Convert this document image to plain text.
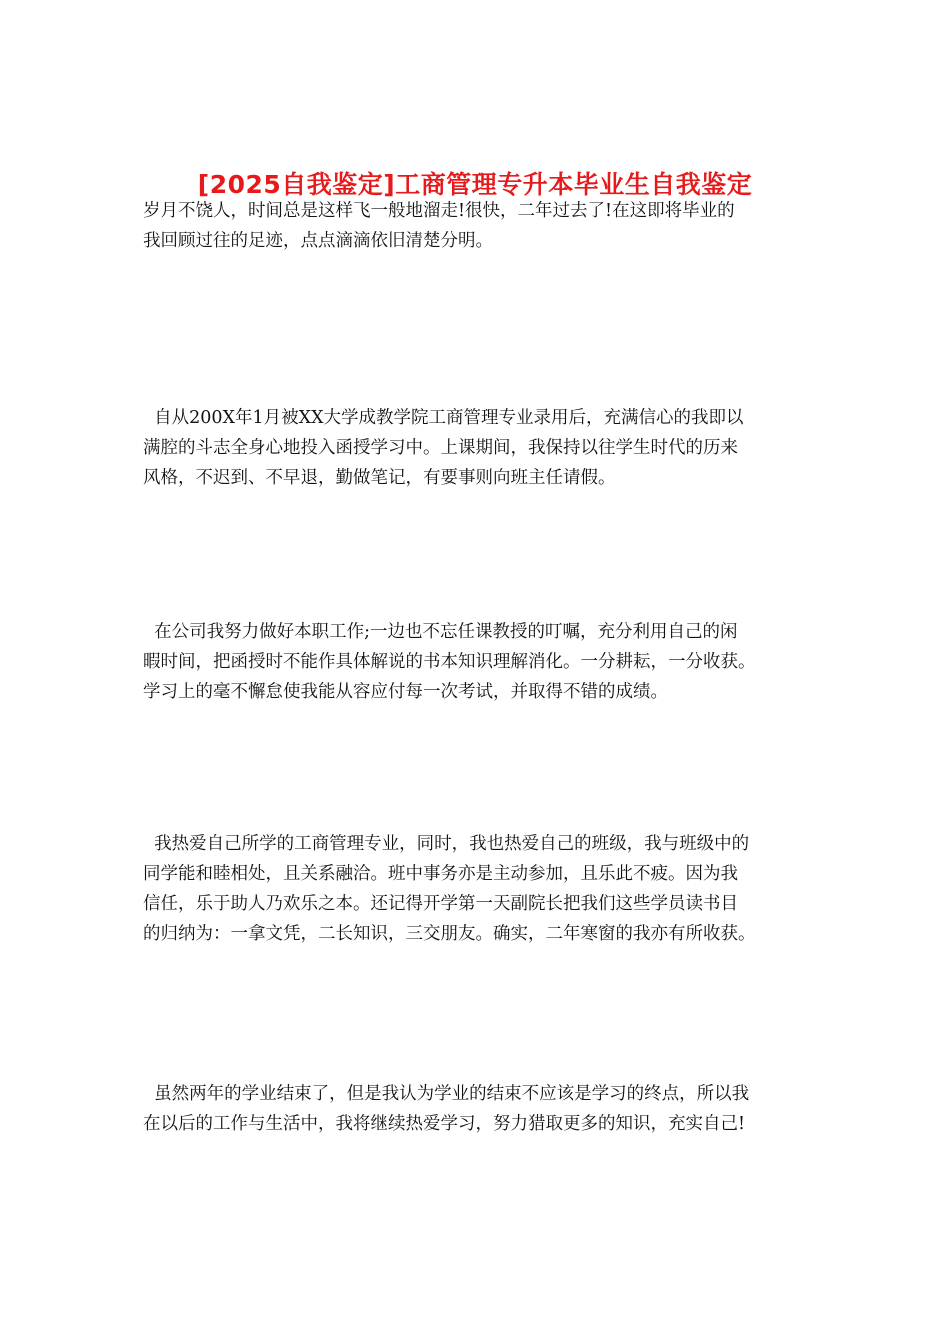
[2025自我鉴定]工商管理专升本毕业生自我鉴定

岁月不饶人，时间总是这样飞一般地溜走!很快，二年过去了!在这即将毕业的
我回顾过往的足迹，点点滴滴依旧清楚分明。

自从200X年1月被XX大学成教学院工商管理专业录用后，充满信心的我即以
满腔的斗志全身心地投入函授学习中。上课期间，我保持以往学生时代的历来
风格，不迟到、不早退，勤做笔记，有要事则向班主任请假。

在公司我努力做好本职工作;一边也不忘任课教授的叮嘱，充分利用自己的闲
暇时间，把函授时不能作具体解说的书本知识理解消化。一分耕耘，一分收获。
学习上的毫不懈怠使我能从容应付每一次考试，并取得不错的成绩。

我热爱自己所学的工商管理专业，同时，我也热爱自己的班级，我与班级中的
同学能和睦相处，且关系融洽。班中事务亦是主动参加，且乐此不疲。因为我
信任，乐于助人乃欢乐之本。还记得开学第一天副院长把我们这些学员读书目
的归纳为：一拿文凭，二长知识，三交朋友。确实，二年寒窗的我亦有所收获。

虽然两年的学业结束了，但是我认为学业的结束不应该是学习的终点，所以我
在以后的工作与生活中，我将继续热爱学习，努力猎取更多的知识，充实自己!
